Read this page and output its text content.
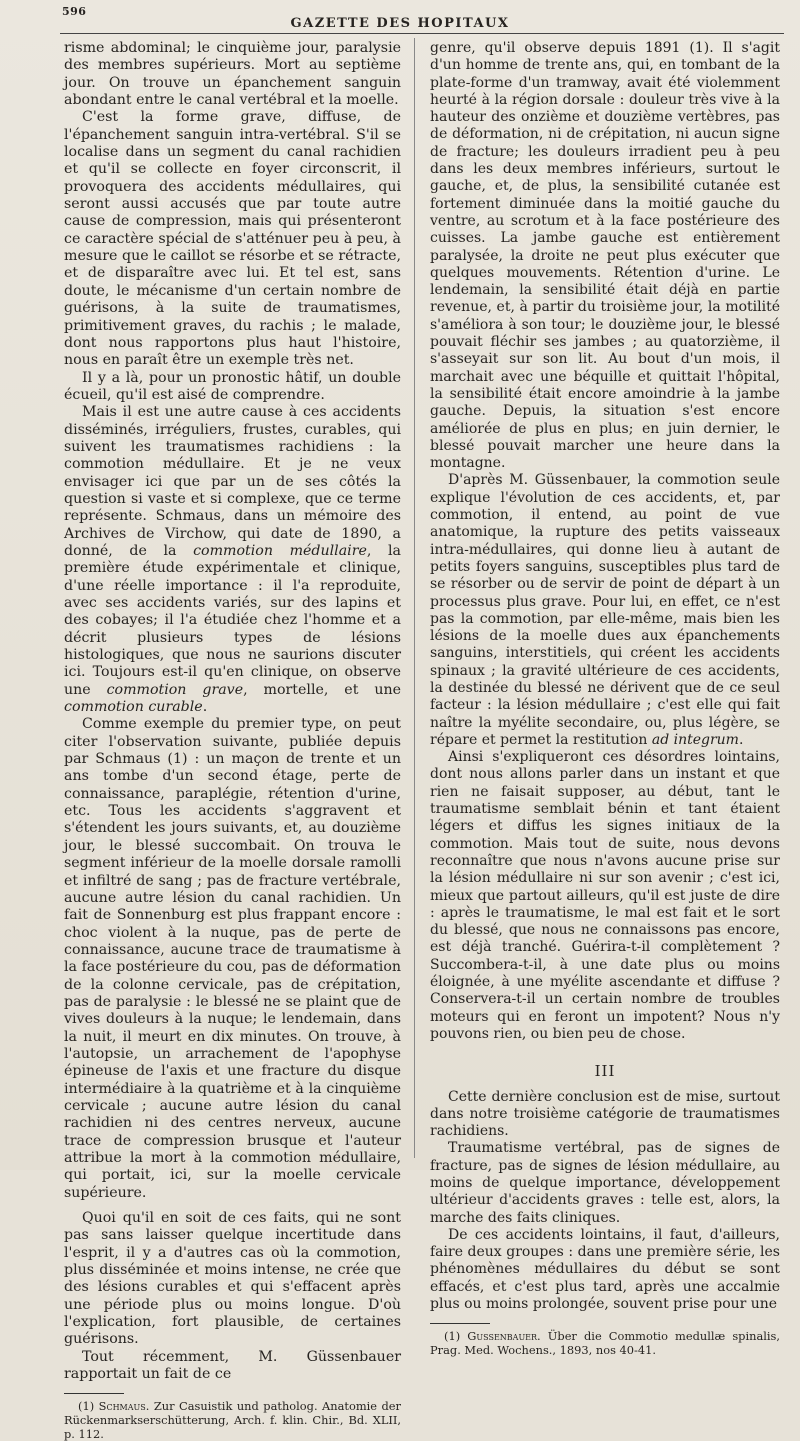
596
GAZETTE DES HOPITAUX

risme abdominal; le cinquième jour, paralysie des membres supérieurs. Mort au septième jour. On trouve un épanchement sanguin abondant entre le canal vertébral et la moelle.

C'est la forme grave, diffuse, de l'épanchement sanguin intra-vertébral. S'il se localise dans un segment du canal rachidien et qu'il se collecte en foyer circonscrit, il provoquera des accidents médullaires, qui seront aussi accusés que par toute autre cause de compression, mais qui présenteront ce caractère spécial de s'atténuer peu à peu, à mesure que le caillot se résorbe et se rétracte, et de disparaître avec lui. Et tel est, sans doute, le mécanisme d'un certain nombre de guérisons, à la suite de traumatismes, primitivement graves, du rachis ; le malade, dont nous rapportons plus haut l'histoire, nous en paraît être un exemple très net.

Il y a là, pour un pronostic hâtif, un double écueil, qu'il est aisé de comprendre.

Mais il est une autre cause à ces accidents disséminés, irréguliers, frustes, curables, qui suivent les traumatismes rachidiens : la commotion médullaire. Et je ne veux envisager ici que par un de ses côtés la question si vaste et si complexe, que ce terme représente. Schmaus, dans un mémoire des Archives de Virchow, qui date de 1890, a donné, de la commotion médullaire, la première étude expérimentale et clinique, d'une réelle importance : il l'a reproduite, avec ses accidents variés, sur des lapins et des cobayes; il l'a étudiée chez l'homme et a décrit plusieurs types de lésions histologiques, que nous ne saurions discuter ici. Toujours est-il qu'en clinique, on observe une commotion grave, mortelle, et une commotion curable.

Comme exemple du premier type, on peut citer l'observation suivante, publiée depuis par Schmaus (1) : un maçon de trente et un ans tombe d'un second étage, perte de connaissance, paraplégie, rétention d'urine, etc. Tous les accidents s'aggravent et s'étendent les jours suivants, et, au douzième jour, le blessé succombait. On trouva le segment inférieur de la moelle dorsale ramolli et infiltré de sang ; pas de fracture vertébrale, aucune autre lésion du canal rachidien. Un fait de Sonnenburg est plus frappant encore : choc violent à la nuque, pas de perte de connaissance, aucune trace de traumatisme à la face postérieure du cou, pas de déformation de la colonne cervicale, pas de crépitation, pas de paralysie : le blessé ne se plaint que de vives douleurs à la nuque; le lendemain, dans la nuit, il meurt en dix minutes. On trouve, à l'autopsie, un arrachement de l'apophyse épineuse de l'axis et une fracture du disque intermédiaire à la quatrième et à la cinquième cervicale ; aucune autre lésion du canal rachidien ni des centres nerveux, aucune trace de compression brusque et l'auteur attribue la mort à la commotion médullaire, qui portait, ici, sur la moelle cervicale supérieure.

Quoi qu'il en soit de ces faits, qui ne sont pas sans laisser quelque incertitude dans l'esprit, il y a d'autres cas où la commotion, plus disséminée et moins intense, ne crée que des lésions curables et qui s'effacent après une période plus ou moins longue. D'où l'explication, fort plausible, de certaines guérisons.

Tout récemment, M. Güssenbauer rapportait un fait de ce

(1) Schmaus. Zur Casuistik und patholog. Anatomie der Rückenmarkserschütterung, Arch. f. klin. Chir., Bd. XLII, p. 112.

genre, qu'il observe depuis 1891 (1). Il s'agit d'un homme de trente ans, qui, en tombant de la plate-forme d'un tramway, avait été violemment heurté à la région dorsale : douleur très vive à la hauteur des onzième et douzième vertèbres, pas de déformation, ni de crépitation, ni aucun signe de fracture; les douleurs irradient peu à peu dans les deux membres inférieurs, surtout le gauche, et, de plus, la sensibilité cutanée est fortement diminuée dans la moitié gauche du ventre, au scrotum et à la face postérieure des cuisses. La jambe gauche est entièrement paralysée, la droite ne peut plus exécuter que quelques mouvements. Rétention d'urine. Le lendemain, la sensibilité était déjà en partie revenue, et, à partir du troisième jour, la motilité s'améliora à son tour; le douzième jour, le blessé pouvait fléchir ses jambes ; au quatorzième, il s'asseyait sur son lit. Au bout d'un mois, il marchait avec une béquille et quittait l'hôpital, la sensibilité était encore amoindrie à la jambe gauche. Depuis, la situation s'est encore améliorée de plus en plus; en juin dernier, le blessé pouvait marcher une heure dans la montagne.

D'après M. Güssenbauer, la commotion seule explique l'évolution de ces accidents, et, par commotion, il entend, au point de vue anatomique, la rupture des petits vaisseaux intra-médullaires, qui donne lieu à autant de petits foyers sanguins, susceptibles plus tard de se résorber ou de servir de point de départ à un processus plus grave. Pour lui, en effet, ce n'est pas la commotion, par elle-même, mais bien les lésions de la moelle dues aux épanchements sanguins, interstitiels, qui créent les accidents spinaux ; la gravité ultérieure de ces accidents, la destinée du blessé ne dérivent que de ce seul facteur : la lésion médullaire ; c'est elle qui fait naître la myélite secondaire, ou, plus légère, se répare et permet la restitution ad integrum.

Ainsi s'expliqueront ces désordres lointains, dont nous allons parler dans un instant et que rien ne faisait supposer, au début, tant le traumatisme semblait bénin et tant étaient légers et diffus les signes initiaux de la commotion. Mais tout de suite, nous devons reconnaître que nous n'avons aucune prise sur la lésion médullaire ni sur son avenir ; c'est ici, mieux que partout ailleurs, qu'il est juste de dire : après le traumatisme, le mal est fait et le sort du blessé, que nous ne connaissons pas encore, est déjà tranché. Guérira-t-il complètement ? Succombera-t-il, à une date plus ou moins éloignée, à une myélite ascendante et diffuse ? Conservera-t-il un certain nombre de troubles moteurs qui en feront un impotent? Nous n'y pouvons rien, ou bien peu de chose.

III

Cette dernière conclusion est de mise, surtout dans notre troisième catégorie de traumatismes rachidiens.

Traumatisme vertébral, pas de signes de fracture, pas de signes de lésion médullaire, au moins de quelque importance, développement ultérieur d'accidents graves : telle est, alors, la marche des faits cliniques.

De ces accidents lointains, il faut, d'ailleurs, faire deux groupes : dans une première série, les phénomènes médullaires du début se sont effacés, et c'est plus tard, après une accalmie plus ou moins prolongée, souvent prise pour une

(1) Gussenbauer. Über die Commotio medullæ spinalis, Prag. Med. Wochens., 1893, nos 40-41.
